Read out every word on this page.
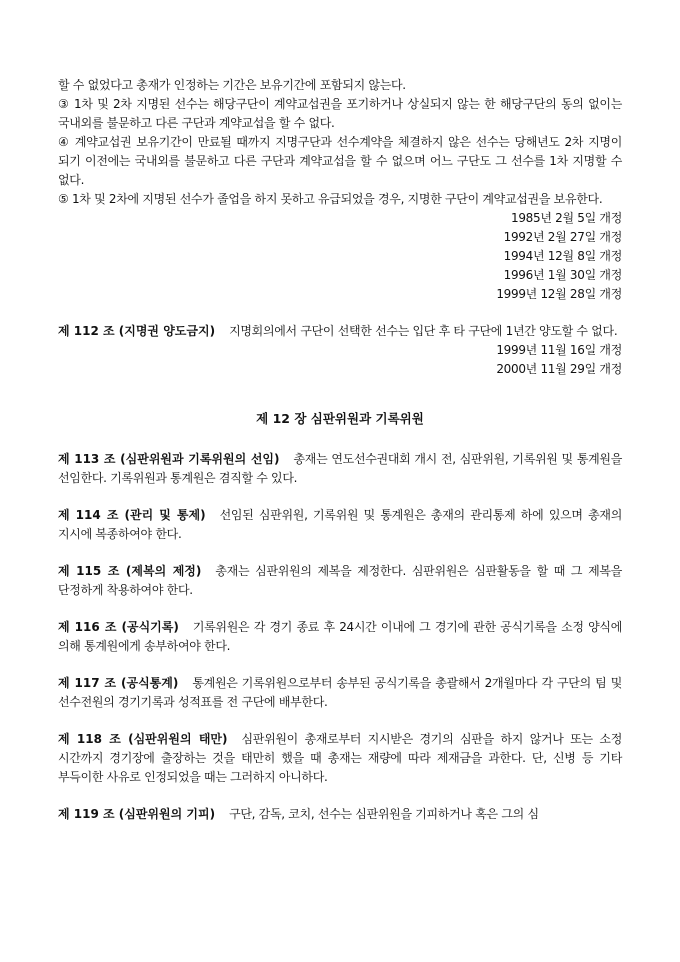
할 수 없었다고 총재가 인정하는 기간은 보유기간에 포함되지 않는다.

③ 1차 및 2차 지명된 선수는 해당구단이 계약교섭권을 포기하거나 상실되지 않는 한 해당구단의 동의 없이는 국내외를 불문하고 다른 구단과 계약교섭을 할 수 없다.

④ 계약교섭권 보유기간이 만료될 때까지 지명구단과 선수계약을 체결하지 않은 선수는 당해년도 2차 지명이 되기 이전에는 국내외를 불문하고 다른 구단과 계약교섭을 할 수 없으며 어느 구단도 그 선수를 1차 지명할 수 없다.

⑤ 1차 및 2차에 지명된 선수가 졸업을 하지 못하고 유급되었을 경우, 지명한 구단이 계약교섭권을 보유한다.

1985년 2월 5일 개정

1992년 2월 27일 개정

1994년 12월 8일 개정

1996년 1월 30일 개정

1999년 12월 28일 개정

제 112 조 (지명권 양도금지) 지명회의에서 구단이 선택한 선수는 입단 후 타 구단에 1년간 양도할 수 없다.

1999년 11월 16일 개정

2000년 11월 29일 개정

제 12 장 심판위원과 기록위원

제 113 조 (심판위원과 기록위원의 선임) 총재는 연도선수권대회 개시 전, 심판위원, 기록위원 및 통계원을 선임한다. 기록위원과 통계원은 겸직할 수 있다.

제 114 조 (관리 및 통제) 선임된 심판위원, 기록위원 및 통계원은 총재의 관리통제 하에 있으며 총재의 지시에 복종하여야 한다.

제 115 조 (제복의 제정) 총재는 심판위원의 제복을 제정한다. 심판위원은 심판활동을 할 때 그 제복을 단정하게 착용하여야 한다.

제 116 조 (공식기록) 기록위원은 각 경기 종료 후 24시간 이내에 그 경기에 관한 공식기록을 소정 양식에 의해 통계원에게 송부하여야 한다.

제 117 조 (공식통계) 통계원은 기록위원으로부터 송부된 공식기록을 총괄해서 2개월마다 각 구단의 팀 및 선수전원의 경기기록과 성적표를 전 구단에 배부한다.

제 118 조 (심판위원의 태만) 심판위원이 총재로부터 지시받은 경기의 심판을 하지 않거나 또는 소정 시간까지 경기장에 출장하는 것을 태만히 했을 때 총재는 재량에 따라 제재금을 과한다. 단, 신병 등 기타 부득이한 사유로 인정되었을 때는 그러하지 아니하다.

제 119 조 (심판위원의 기피) 구단, 감독, 코치, 선수는 심판위원을 기피하거나 혹은 그의 심
